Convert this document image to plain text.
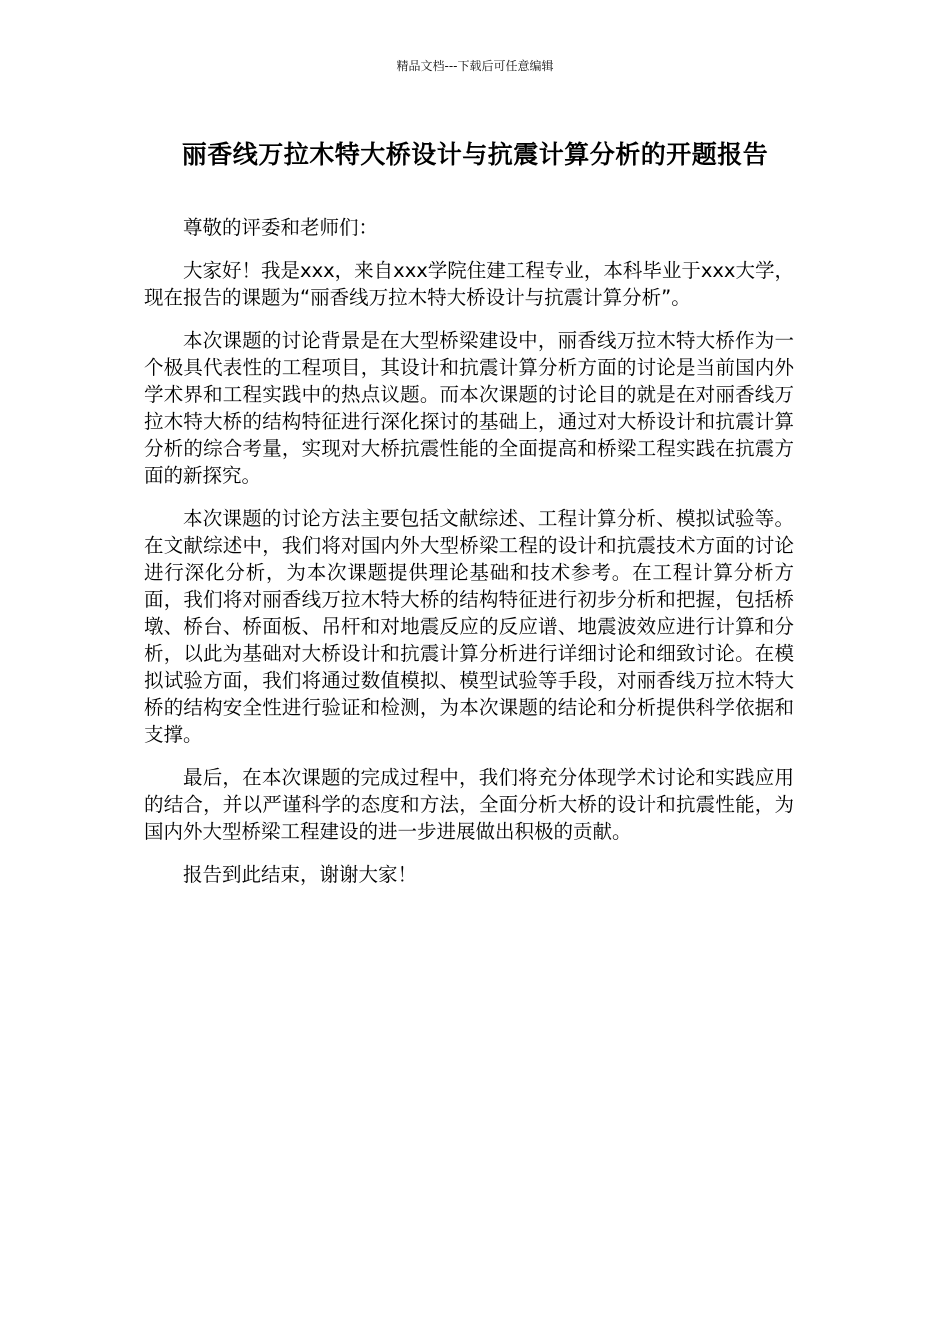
精品文档---下载后可任意编辑
丽香线万拉木特大桥设计与抗震计算分析的开题报告

尊敬的评委和老师们：

大家好！我是xxx，来自xxx学院住建工程专业，本科毕业于xxx大学，现在报告的课题为“丽香线万拉木特大桥设计与抗震计算分析”。

本次课题的讨论背景是在大型桥梁建设中，丽香线万拉木特大桥作为一个极具代表性的工程项目，其设计和抗震计算分析方面的讨论是当前国内外学术界和工程实践中的热点议题。而本次课题的讨论目的就是在对丽香线万拉木特大桥的结构特征进行深化探讨的基础上，通过对大桥设计和抗震计算分析的综合考量，实现对大桥抗震性能的全面提高和桥梁工程实践在抗震方面的新探究。

本次课题的讨论方法主要包括文献综述、工程计算分析、模拟试验等。在文献综述中，我们将对国内外大型桥梁工程的设计和抗震技术方面的讨论进行深化分析，为本次课题提供理论基础和技术参考。在工程计算分析方面，我们将对丽香线万拉木特大桥的结构特征进行初步分析和把握，包括桥墩、桥台、桥面板、吊杆和对地震反应的反应谱、地震波效应进行计算和分析，以此为基础对大桥设计和抗震计算分析进行详细讨论和细致讨论。在模拟试验方面，我们将通过数值模拟、模型试验等手段，对丽香线万拉木特大桥的结构安全性进行验证和检测，为本次课题的结论和分析提供科学依据和支撑。

最后，在本次课题的完成过程中，我们将充分体现学术讨论和实践应用的结合，并以严谨科学的态度和方法，全面分析大桥的设计和抗震性能，为国内外大型桥梁工程建设的进一步进展做出积极的贡献。

报告到此结束，谢谢大家！
